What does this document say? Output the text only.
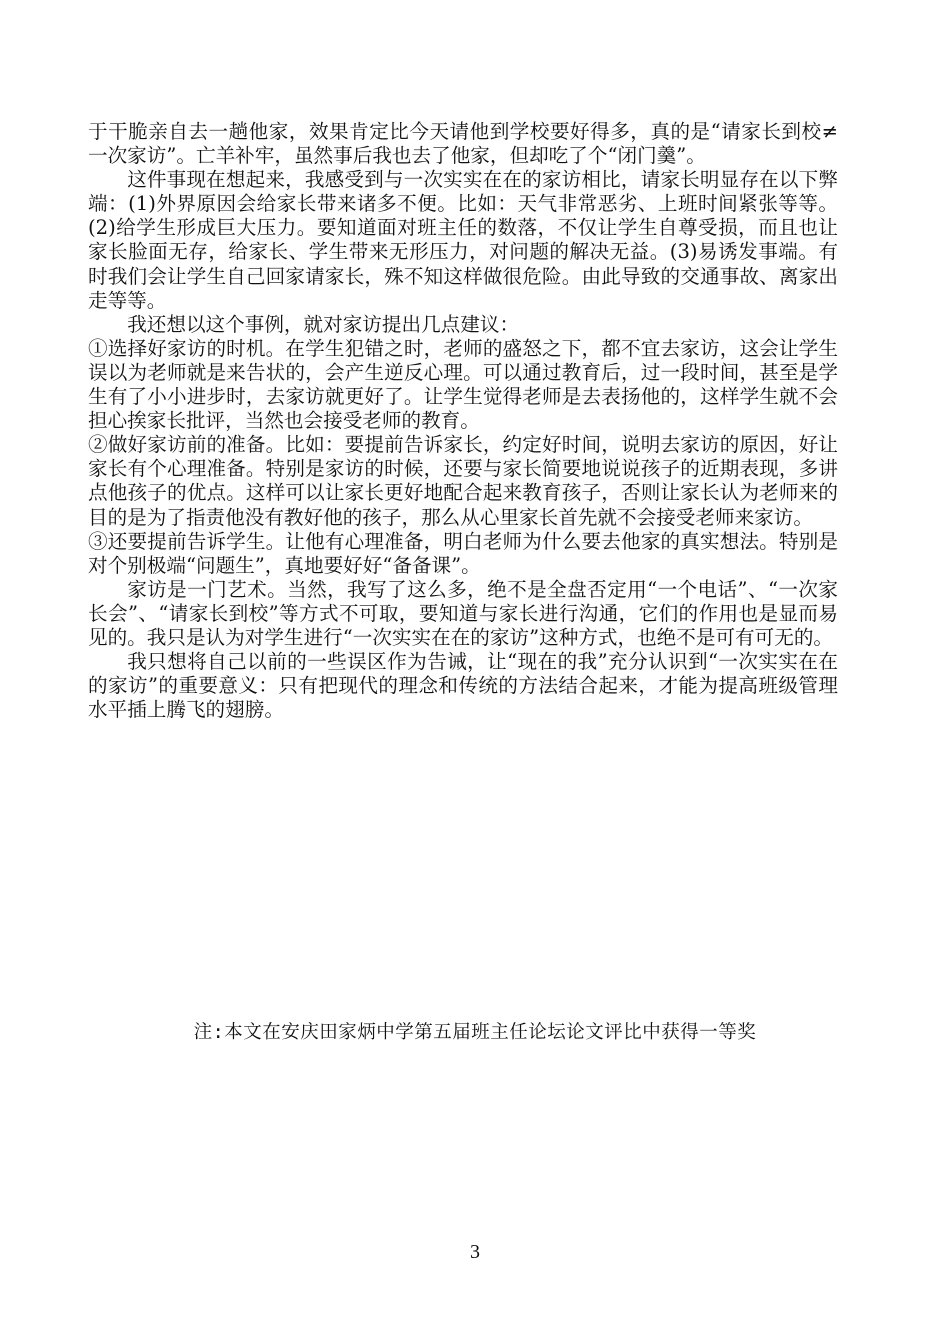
于干脆亲自去一趟他家，效果肯定比今天请他到学校要好得多，真的是“请家长到校≠一次家访”。亡羊补牢，虽然事后我也去了他家，但却吃了个“闭门羹”。

这件事现在想起来，我感受到与一次实实在在的家访相比，请家长明显存在以下弊端：(1)外界原因会给家长带来诸多不便。比如：天气非常恶劣、上班时间紧张等等。(2)给学生形成巨大压力。要知道面对班主任的数落，不仅让学生自尊受损，而且也让家长脸面无存，给家长、学生带来无形压力，对问题的解决无益。(3)易诱发事端。有时我们会让学生自己回家请家长，殊不知这样做很危险。由此导致的交通事故、离家出走等等。

我还想以这个事例，就对家访提出几点建议：

①选择好家访的时机。在学生犯错之时，老师的盛怒之下，都不宜去家访，这会让学生误以为老师就是来告状的，会产生逆反心理。可以通过教育后，过一段时间，甚至是学生有了小小进步时，去家访就更好了。让学生觉得老师是去表扬他的，这样学生就不会担心挨家长批评，当然也会接受老师的教育。

②做好家访前的准备。比如：要提前告诉家长，约定好时间，说明去家访的原因，好让家长有个心理准备。特别是家访的时候，还要与家长简要地说说孩子的近期表现，多讲点他孩子的优点。这样可以让家长更好地配合起来教育孩子，否则让家长认为老师来的目的是为了指责他没有教好他的孩子，那么从心里家长首先就不会接受老师来家访。

③还要提前告诉学生。让他有心理准备，明白老师为什么要去他家的真实想法。特别是对个别极端“问题生”，真地要好好“备备课”。

家访是一门艺术。当然，我写了这么多，绝不是全盘否定用“一个电话”、“一次家长会”、“请家长到校”等方式不可取，要知道与家长进行沟通，它们的作用也是显而易见的。我只是认为对学生进行“一次实实在在的家访”这种方式，也绝不是可有可无的。

我只想将自己以前的一些误区作为告诫，让“现在的我”充分认识到“一次实实在在的家访”的重要意义：只有把现代的理念和传统的方法结合起来，才能为提高班级管理水平插上腾飞的翅膀。

注:本文在安庆田家炳中学第五届班主任论坛论文评比中获得一等奖
3
